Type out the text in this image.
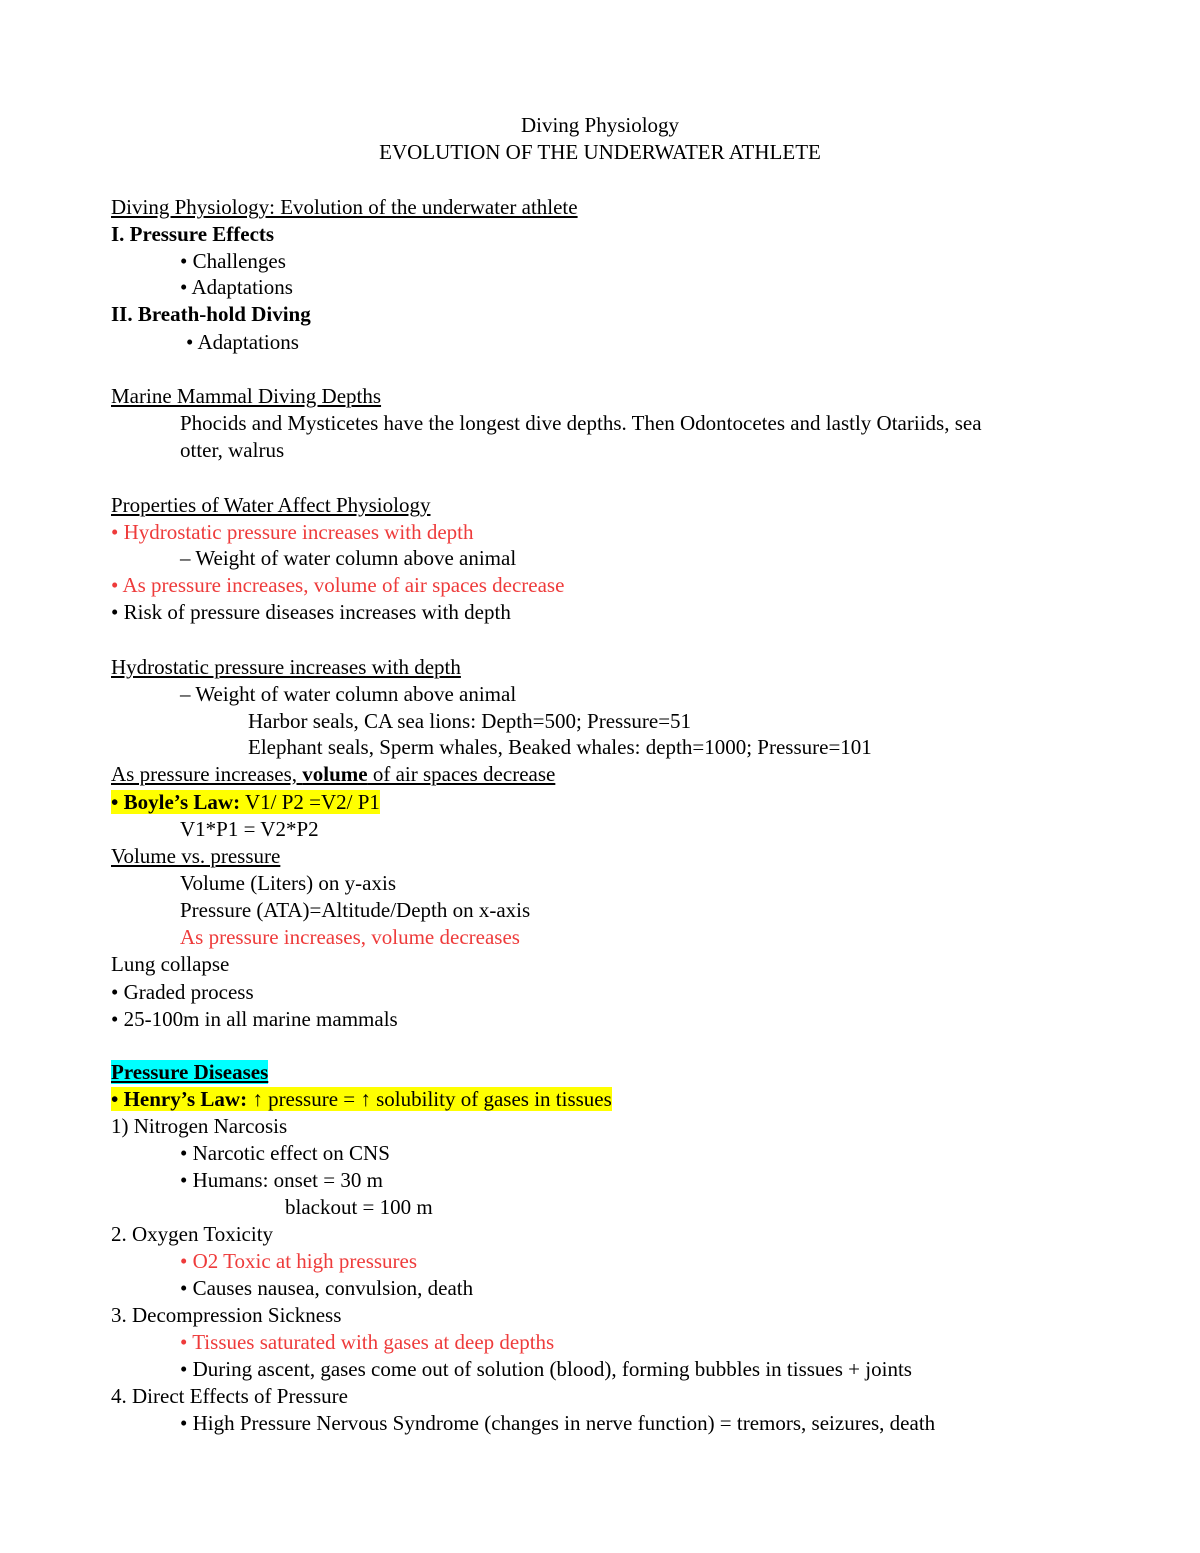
Diving Physiology
EVOLUTION OF THE UNDERWATER ATHLETE
Diving Physiology: Evolution of the underwater athlete
I. Pressure Effects
• Challenges
• Adaptations
II. Breath-hold Diving
• Adaptations
Marine Mammal Diving Depths
Phocids and Mysticetes have the longest dive depths. Then Odontocetes and lastly Otariids, sea
otter, walrus
Properties of Water Affect Physiology
• Hydrostatic pressure increases with depth
– Weight of water column above animal
• As pressure increases, volume of air spaces decrease
• Risk of pressure diseases increases with depth
Hydrostatic pressure increases with depth
– Weight of water column above animal
Harbor seals, CA sea lions: Depth=500; Pressure=51
Elephant seals, Sperm whales, Beaked whales: depth=1000; Pressure=101
As pressure increases, volume of air spaces decrease
• Boyle’s Law: V1/ P2 =V2/ P1
V1*P1 = V2*P2
Volume vs. pressure
Volume (Liters) on y-axis
Pressure (ATA)=Altitude/Depth on x-axis
As pressure increases, volume decreases
Lung collapse
• Graded process
• 25-100m in all marine mammals
Pressure Diseases
• Henry’s Law: ↑ pressure = ↑ solubility of gases in tissues
1) Nitrogen Narcosis
• Narcotic effect on CNS
• Humans: onset = 30 m
blackout = 100 m
2. Oxygen Toxicity
• O2 Toxic at high pressures
• Causes nausea, convulsion, death
3. Decompression Sickness
• Tissues saturated with gases at deep depths
• During ascent, gases come out of solution (blood), forming bubbles in tissues + joints
4. Direct Effects of Pressure
• High Pressure Nervous Syndrome (changes in nerve function) = tremors, seizures, death
